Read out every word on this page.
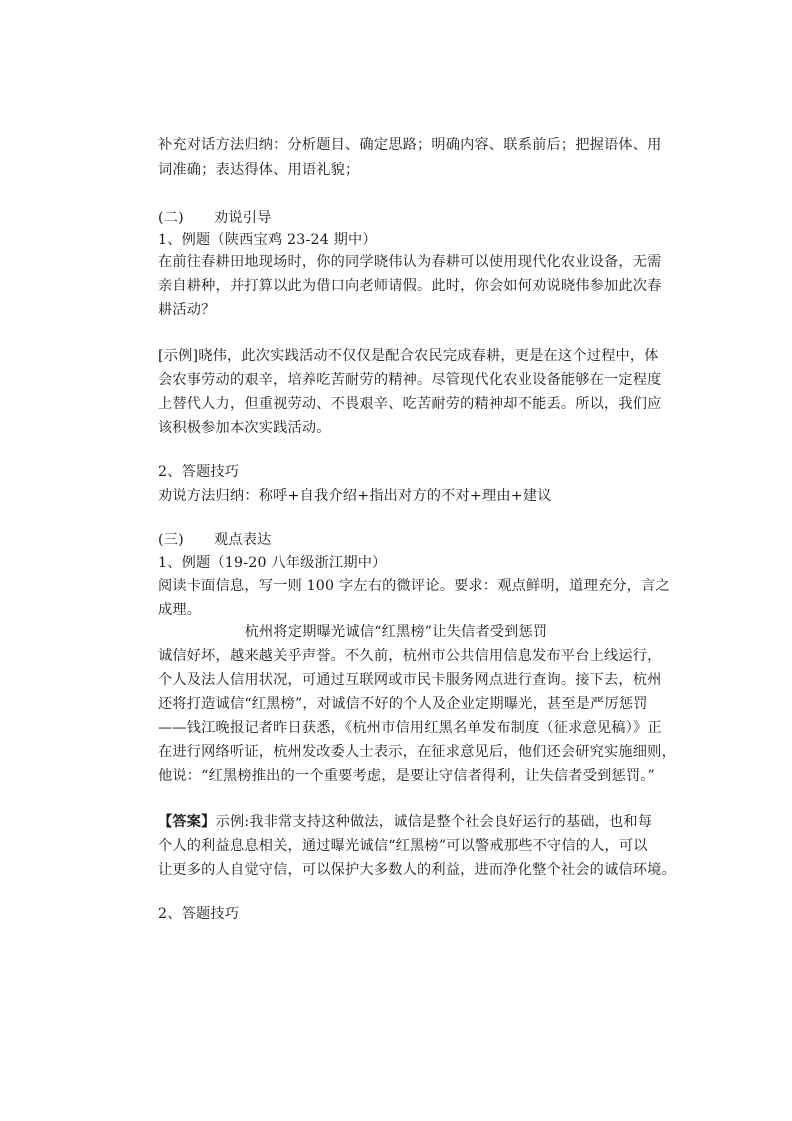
补充对话方法归纳：分析题目、确定思路；明确内容、联系前后；把握语体、用
词准确；表达得体、用语礼貌；
(二) 劝说引导
1、例题（陕西宝鸡 23-24 期中）
在前往春耕田地现场时，你的同学晓伟认为春耕可以使用现代化农业设备，无需
亲自耕种，并打算以此为借口向老师请假。此时，你会如何劝说晓伟参加此次春
耕活动？
[示例]晓伟，此次实践活动不仅仅是配合农民完成春耕，更是在这个过程中，体
会农事劳动的艰辛，培养吃苦耐劳的精神。尽管现代化农业设备能够在一定程度
上替代人力，但重视劳动、不畏艰辛、吃苦耐劳的精神却不能丢。所以，我们应
该积极参加本次实践活动。
2、答题技巧
劝说方法归纳：称呼+自我介绍+指出对方的不对+理由+建议
(三) 观点表达
1、例题（19-20 八年级浙江期中）
阅读卡面信息，写一则 100 字左右的微评论。要求：观点鲜明，道理充分，言之
成理。
杭州将定期曝光诚信“红黑榜”让失信者受到惩罚
诚信好坏，越来越关乎声誉。不久前，杭州市公共信用信息发布平台上线运行，
个人及法人信用状况，可通过互联网或市民卡服务网点进行查询。接下去，杭州
还将打造诚信“红黑榜”，对诚信不好的个人及企业定期曝光，甚至是严厉惩罚
——钱江晚报记者昨日获悉，《杭州市信用红黑名单发布制度（征求意见稿）》正
在进行网络听证，杭州发改委人士表示，在征求意见后，他们还会研究实施细则，
他说：“红黑榜推出的一个重要考虑，是要让守信者得利，让失信者受到惩罚。”
【答案】示例:我非常支持这种做法，诚信是整个社会良好运行的基础，也和每
个人的利益息息相关，通过曝光诚信“红黑榜”可以警戒那些不守信的人，可以
让更多的人自觉守信，可以保护大多数人的利益，进而净化整个社会的诚信环境。
2、答题技巧
